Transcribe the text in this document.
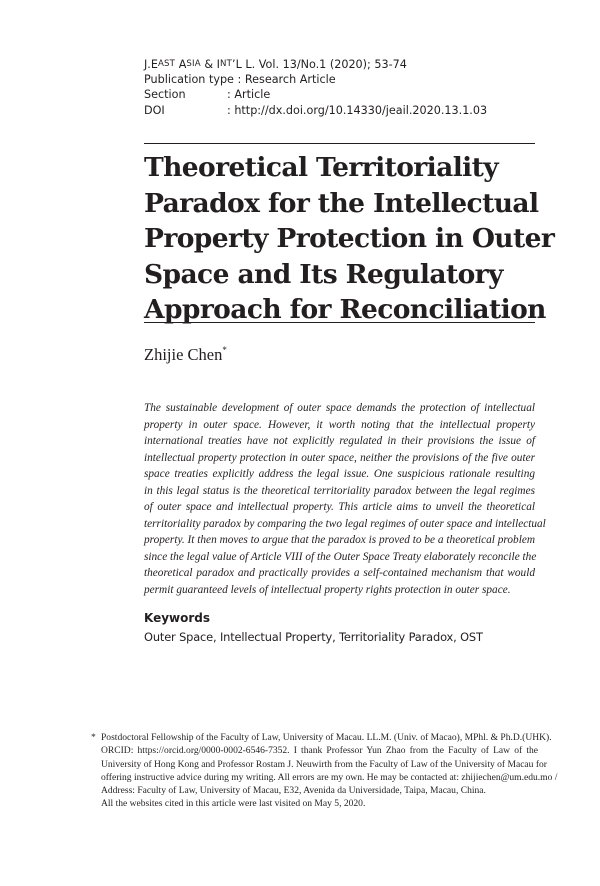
J. E AST
A SIA & I NT ’L L. Vol. 13/No.1 (2020); 53-74
Publication type
: Research Article
Section	: Article
DOI	: http://dx.doi.org/10.14330/jeail.2020.13.1.03
Theoretical Territoriality
Paradox for the Intellectual
Property Protection in Outer
Space and Its Regulatory
Approach for Reconciliation
Zhijie Chen*
The sustainable development of outer space demands the protection of intellectual
property in outer space. However, it worth noting that the intellectual property
international treaties have not explicitly regulated in their provisions the issue of
intellectual property protection in outer space, neither the provisions of the five outer
space treaties explicitly address the legal issue. One suspicious rationale resulting
in this legal status is the theoretical territoriality paradox between the legal regimes
of outer space and intellectual property. This article aims to unveil the theoretical
territoriality paradox by comparing the two legal regimes of outer space and intellectual
property. It then moves to argue that the paradox is proved to be a theoretical problem
since the legal value of Article VIII of the Outer Space Treaty elaborately reconcile the
theoretical paradox and practically provides a self-contained mechanism that would
permit guaranteed levels of intellectual property rights protection in outer space.
Keywords
Outer Space, Intellectual Property, Territoriality Paradox, OST
* Postdoctoral Fellowship of the Faculty of Law, University of Macau. LL.M. (Univ. of Macao), MPhl. & Ph.D.(UHK).
ORCID: https://orcid.org/0000-0002-6546-7352. I thank Professor Yun Zhao from the Faculty of Law of the
University of Hong Kong and Professor Rostam J. Neuwirth from the Faculty of Law of the University of Macau for
offering instructive advice during my writing. All errors are my own. He may be contacted at: zhijiechen@um.edu.mo /
Address: Faculty of Law, University of Macau, E32, Avenida da Universidade, Taipa, Macau, China.
All the websites cited in this article were last visited on May 5, 2020.
